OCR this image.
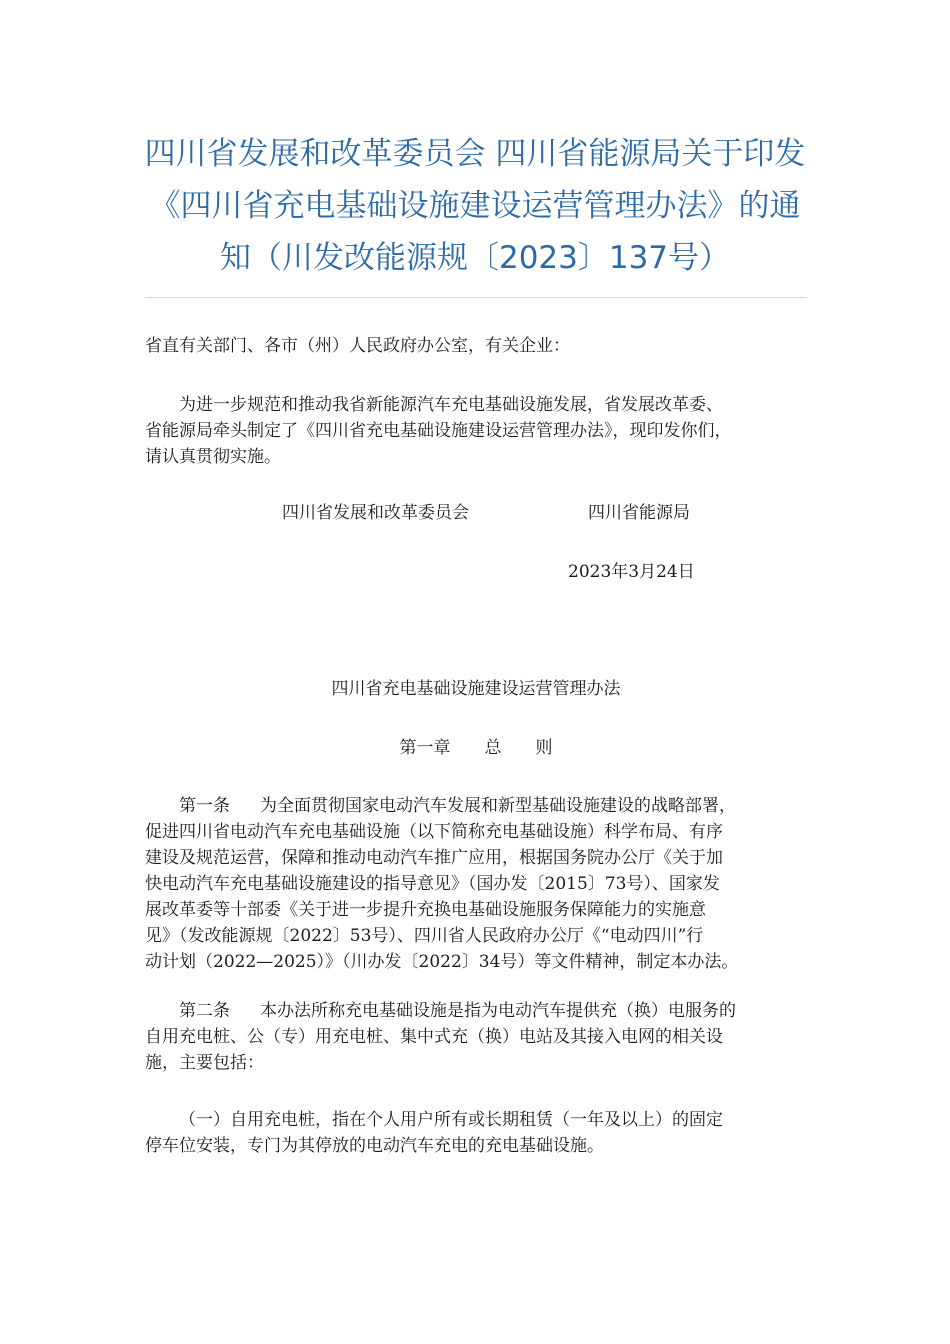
四川省发展和改革委员会 四川省能源局关于印发
《四川省充电基础设施建设运营管理办法》的通
知（川发改能源规〔2023〕137号）

省直有关部门、各市（州）人民政府办公室，有关企业：

为进一步规范和推动我省新能源汽车充电基础设施发展，省发展改革委、
省能源局牵头制定了《四川省充电基础设施建设运营管理办法》，现印发你们，
请认真贯彻实施。

四川省发展和改革委员会	四川省能源局

2023年3月24日

四川省充电基础设施建设运营管理办法

第一章　　总　　则

第一条 为全面贯彻国家电动汽车发展和新型基础设施建设的战略部署，
促进四川省电动汽车充电基础设施（以下简称充电基础设施）科学布局、有序
建设及规范运营，保障和推动电动汽车推广应用，根据国务院办公厅《关于加
快电动汽车充电基础设施建设的指导意见》（国办发〔2015〕73号）、国家发
展改革委等十部委《关于进一步提升充换电基础设施服务保障能力的实施意
见》（发改能源规〔2022〕53号）、四川省人民政府办公厅《“电动四川”行
动计划（2022—2025）》（川办发〔2022〕34号）等文件精神，制定本办法。
第二条 本办法所称充电基础设施是指为电动汽车提供充（换）电服务的
自用充电桩、公（专）用充电桩、集中式充（换）电站及其接入电网的相关设
施，主要包括：
（一）自用充电桩，指在个人用户所有或长期租赁（一年及以上）的固定
停车位安装，专门为其停放的电动汽车充电的充电基础设施。
